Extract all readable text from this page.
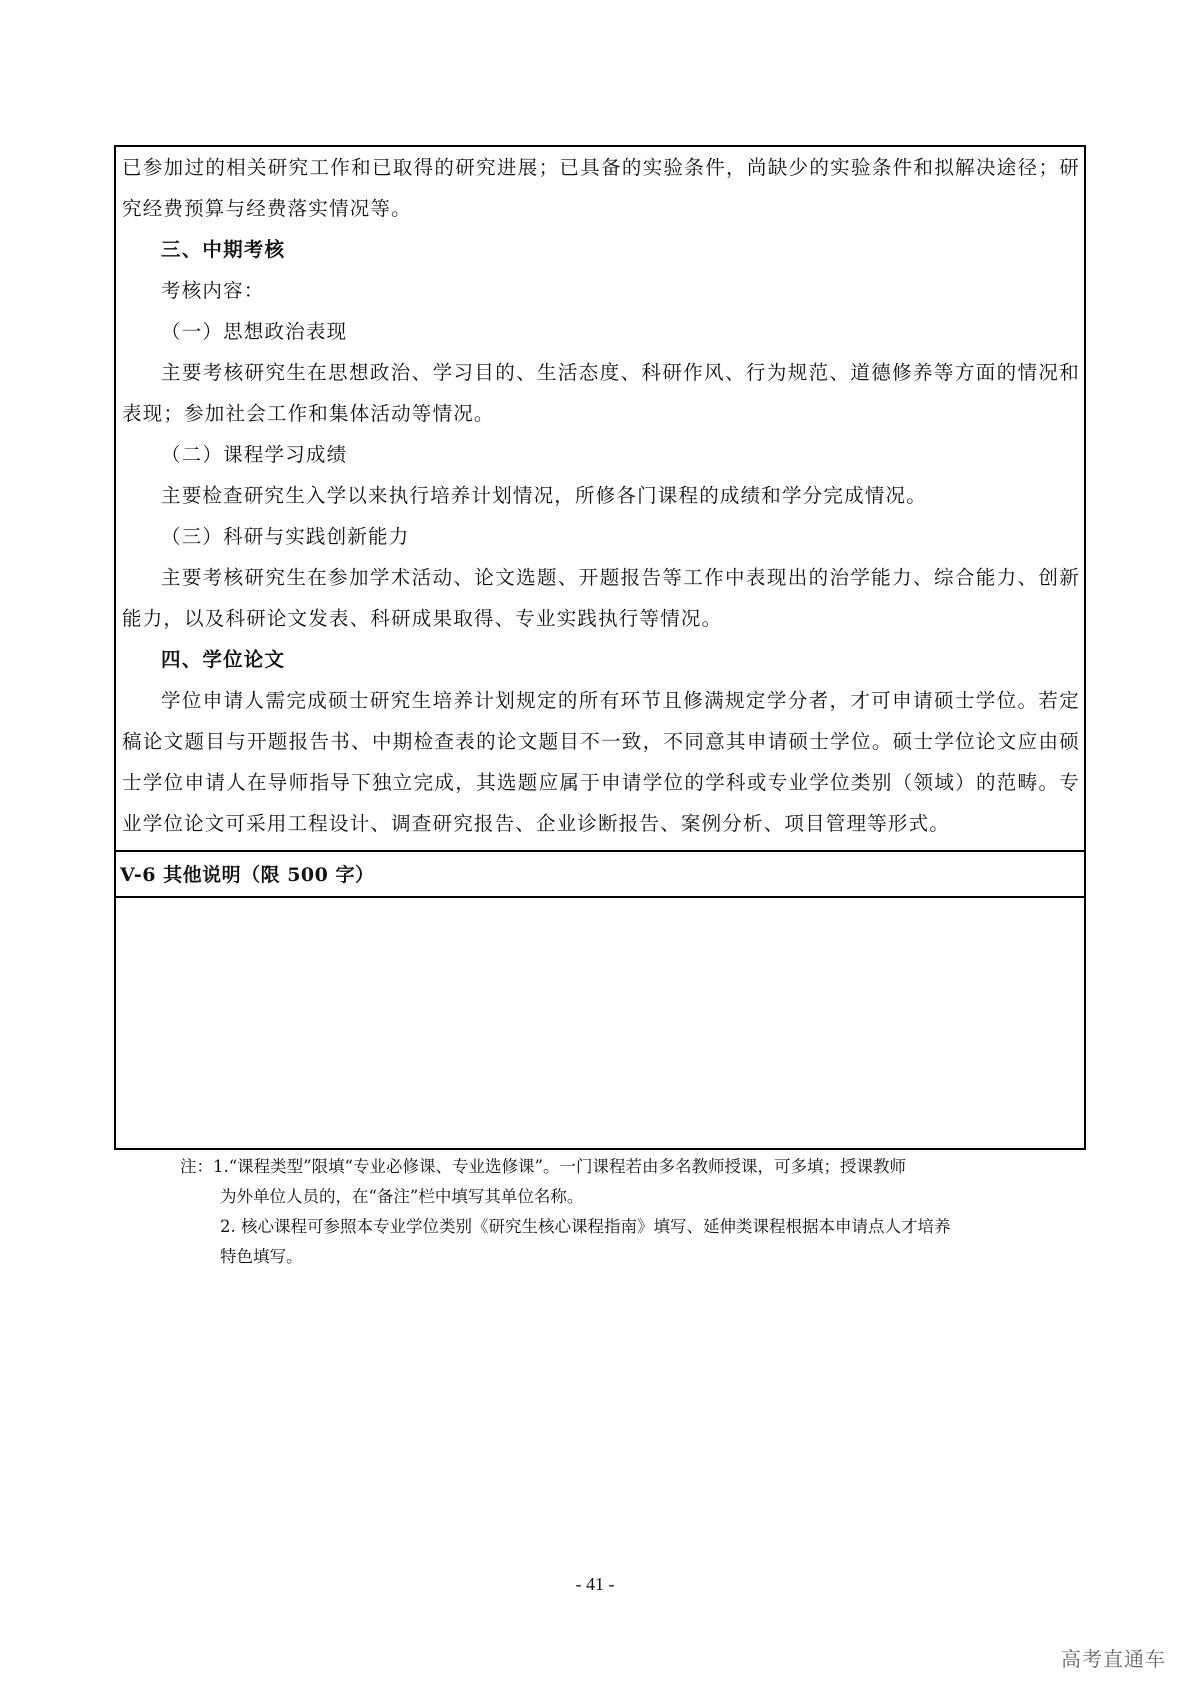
已参加过的相关研究工作和已取得的研究进展；已具备的实验条件，尚缺少的实验条件和拟解决途径；研究经费预算与经费落实情况等。

三、中期考核

考核内容：

（一）思想政治表现

主要考核研究生在思想政治、学习目的、生活态度、科研作风、行为规范、道德修养等方面的情况和表现；参加社会工作和集体活动等情况。

（二）课程学习成绩

主要检查研究生入学以来执行培养计划情况，所修各门课程的成绩和学分完成情况。

（三）科研与实践创新能力

主要考核研究生在参加学术活动、论文选题、开题报告等工作中表现出的治学能力、综合能力、创新能力，以及科研论文发表、科研成果取得、专业实践执行等情况。

四、学位论文

学位申请人需完成硕士研究生培养计划规定的所有环节且修满规定学分者，才可申请硕士学位。若定稿论文题目与开题报告书、中期检查表的论文题目不一致，不同意其申请硕士学位。硕士学位论文应由硕士学位申请人在导师指导下独立完成，其选题应属于申请学位的学科或专业学位类别（领域）的范畴。专业学位论文可采用工程设计、调查研究报告、企业诊断报告、案例分析、项目管理等形式。

V-6 其他说明（限 500 字）
注：1.“课程类型”限填“专业必修课、专业选修课”。一门课程若由多名教师授课，可多填；授课教师
为外单位人员的，在“备注”栏中填写其单位名称。
2. 核心课程可参照本专业学位类别《研究生核心课程指南》填写、延伸类课程根据本申请点人才培养
特色填写。
- 41 -
高考直通车
